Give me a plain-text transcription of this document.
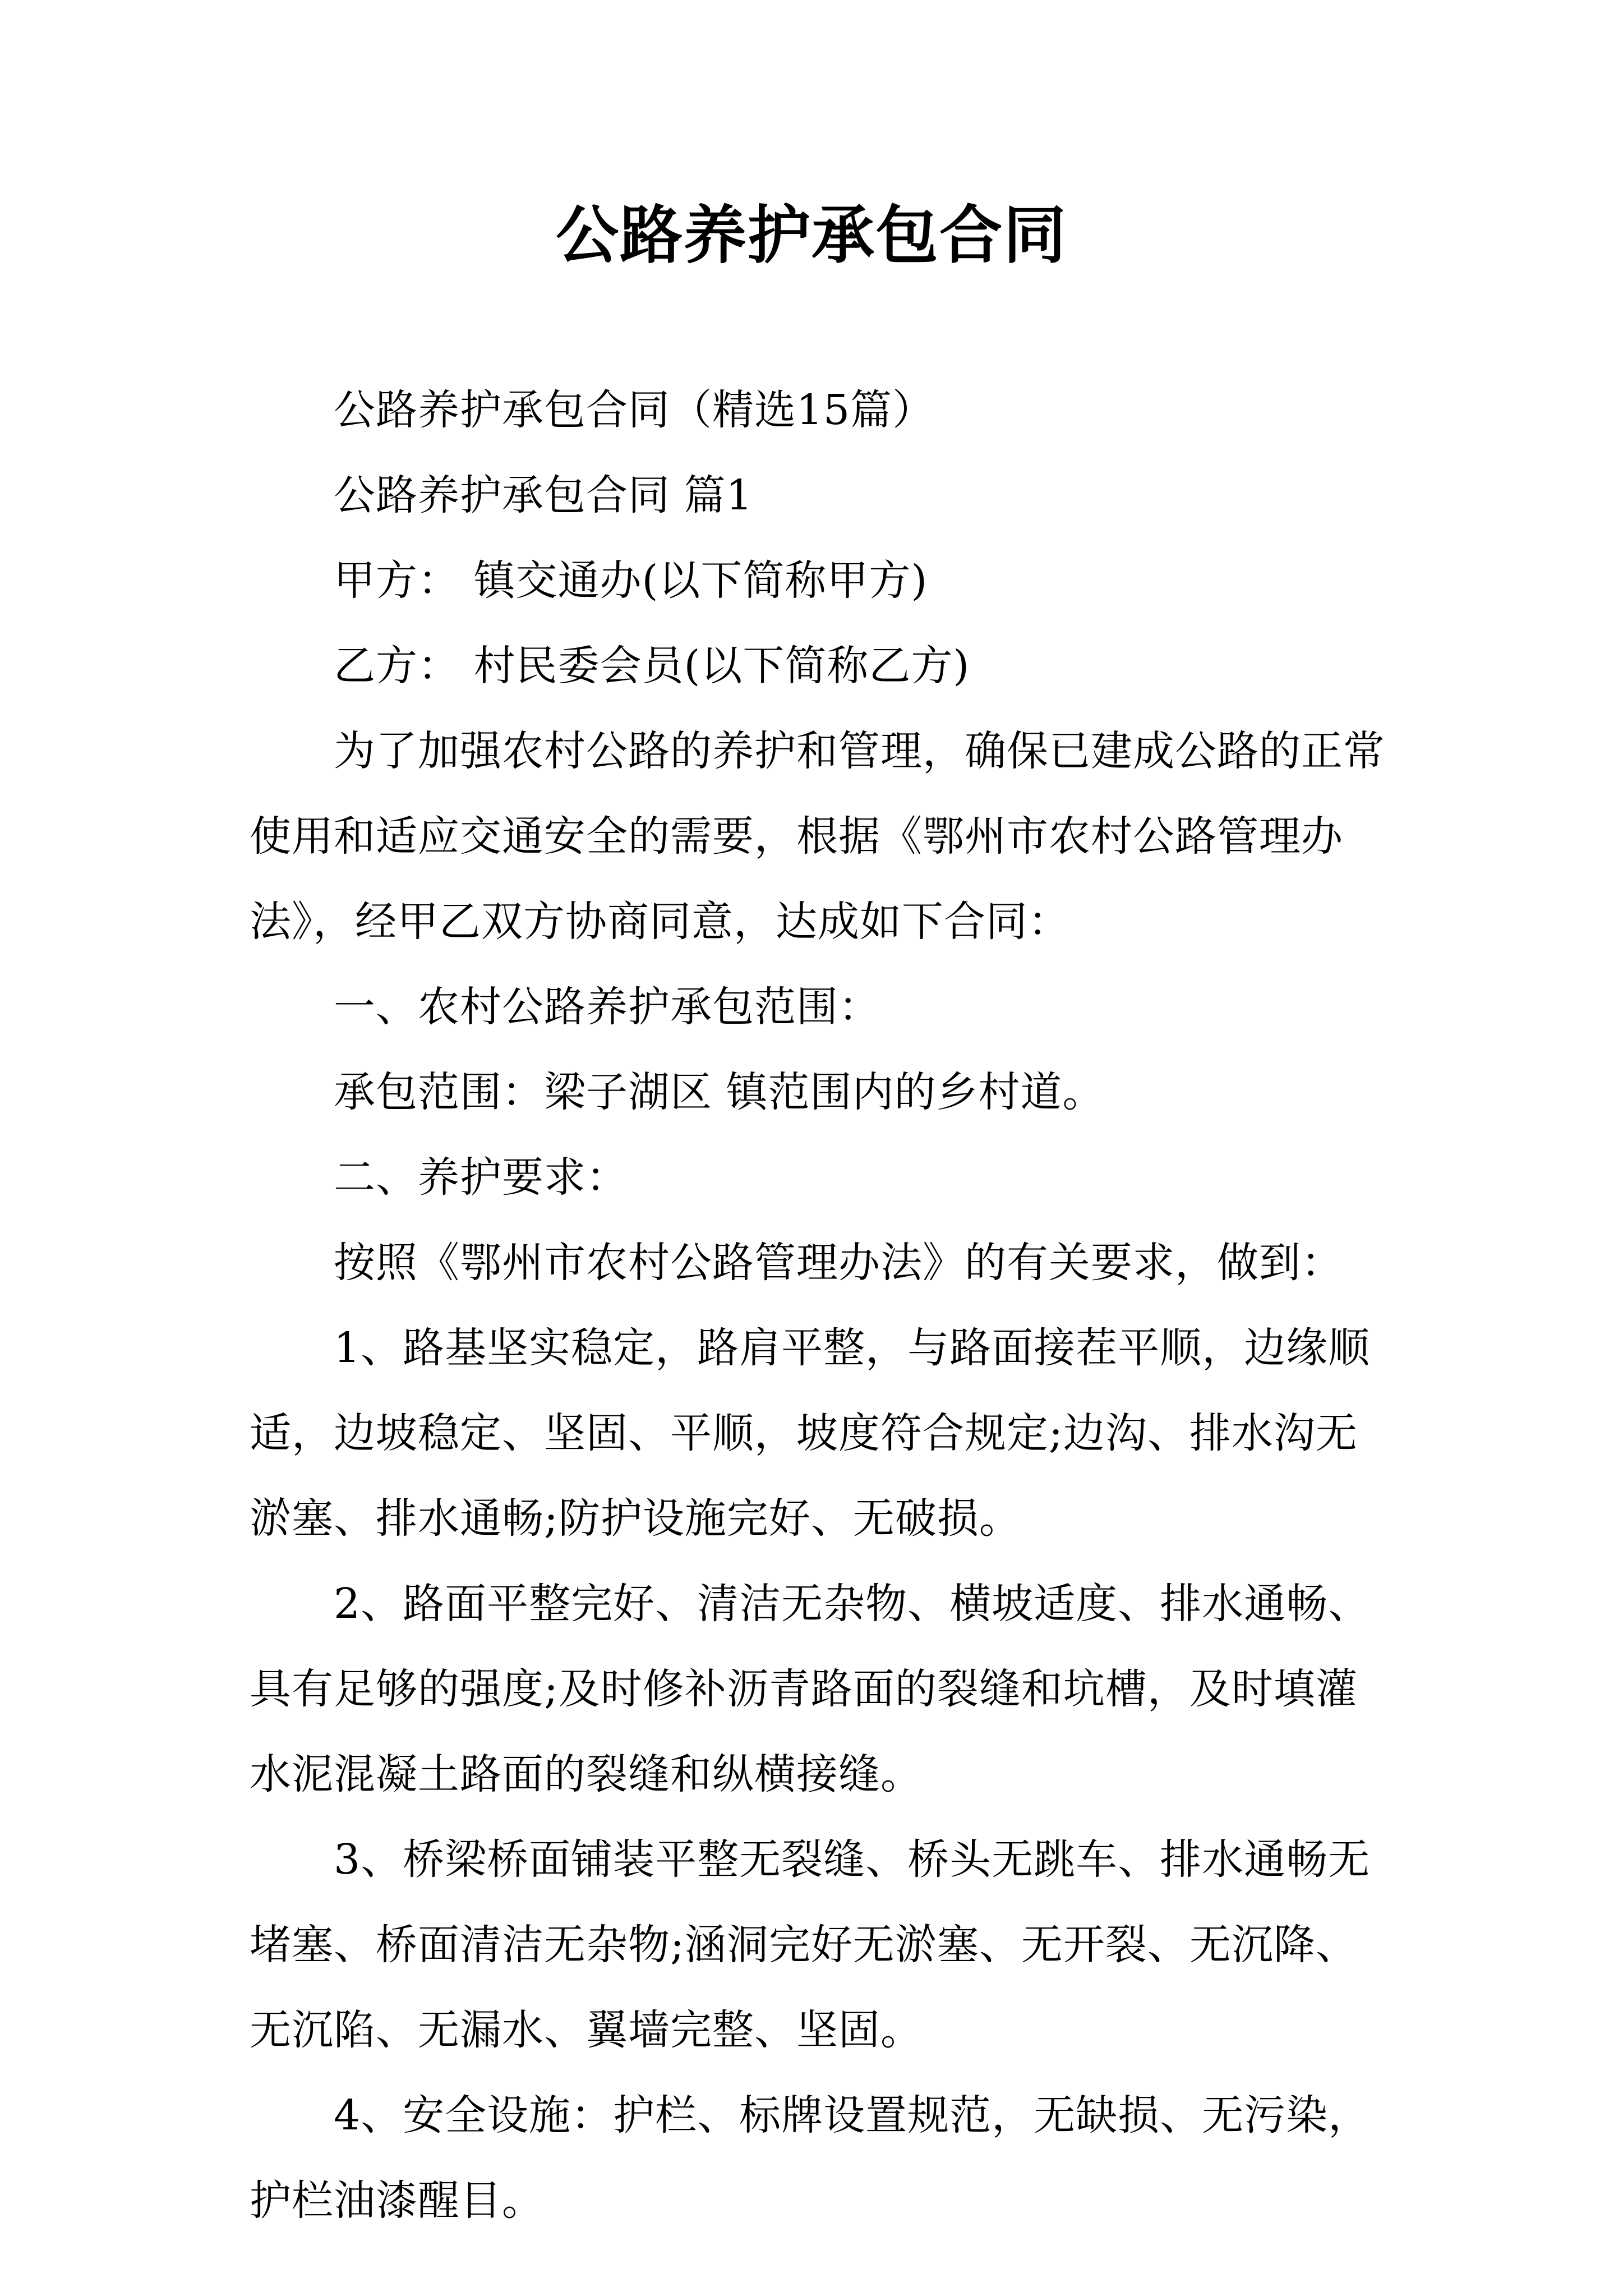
公路养护承包合同

公路养护承包合同（精选15篇）

公路养护承包合同 篇1

甲方： 镇交通办(以下简称甲方)

乙方： 村民委会员(以下简称乙方)

为了加强农村公路的养护和管理，确保已建成公路的正常使用和适应交通安全的需要，根据《鄂州市农村公路管理办法》，经甲乙双方协商同意，达成如下合同：

一、农村公路养护承包范围：

承包范围：梁子湖区 镇范围内的乡村道。

二、养护要求：

按照《鄂州市农村公路管理办法》的有关要求，做到：

1、路基坚实稳定，路肩平整，与路面接茬平顺，边缘顺适，边坡稳定、坚固、平顺，坡度符合规定;边沟、排水沟无淤塞、排水通畅;防护设施完好、无破损。

2、路面平整完好、清洁无杂物、横坡适度、排水通畅、具有足够的强度;及时修补沥青路面的裂缝和坑槽，及时填灌水泥混凝土路面的裂缝和纵横接缝。

3、桥梁桥面铺装平整无裂缝、桥头无跳车、排水通畅无堵塞、桥面清洁无杂物;涵洞完好无淤塞、无开裂、无沉降、无沉陷、无漏水、翼墙完整、坚固。

4、安全设施：护栏、标牌设置规范，无缺损、无污染，护栏油漆醒目。
